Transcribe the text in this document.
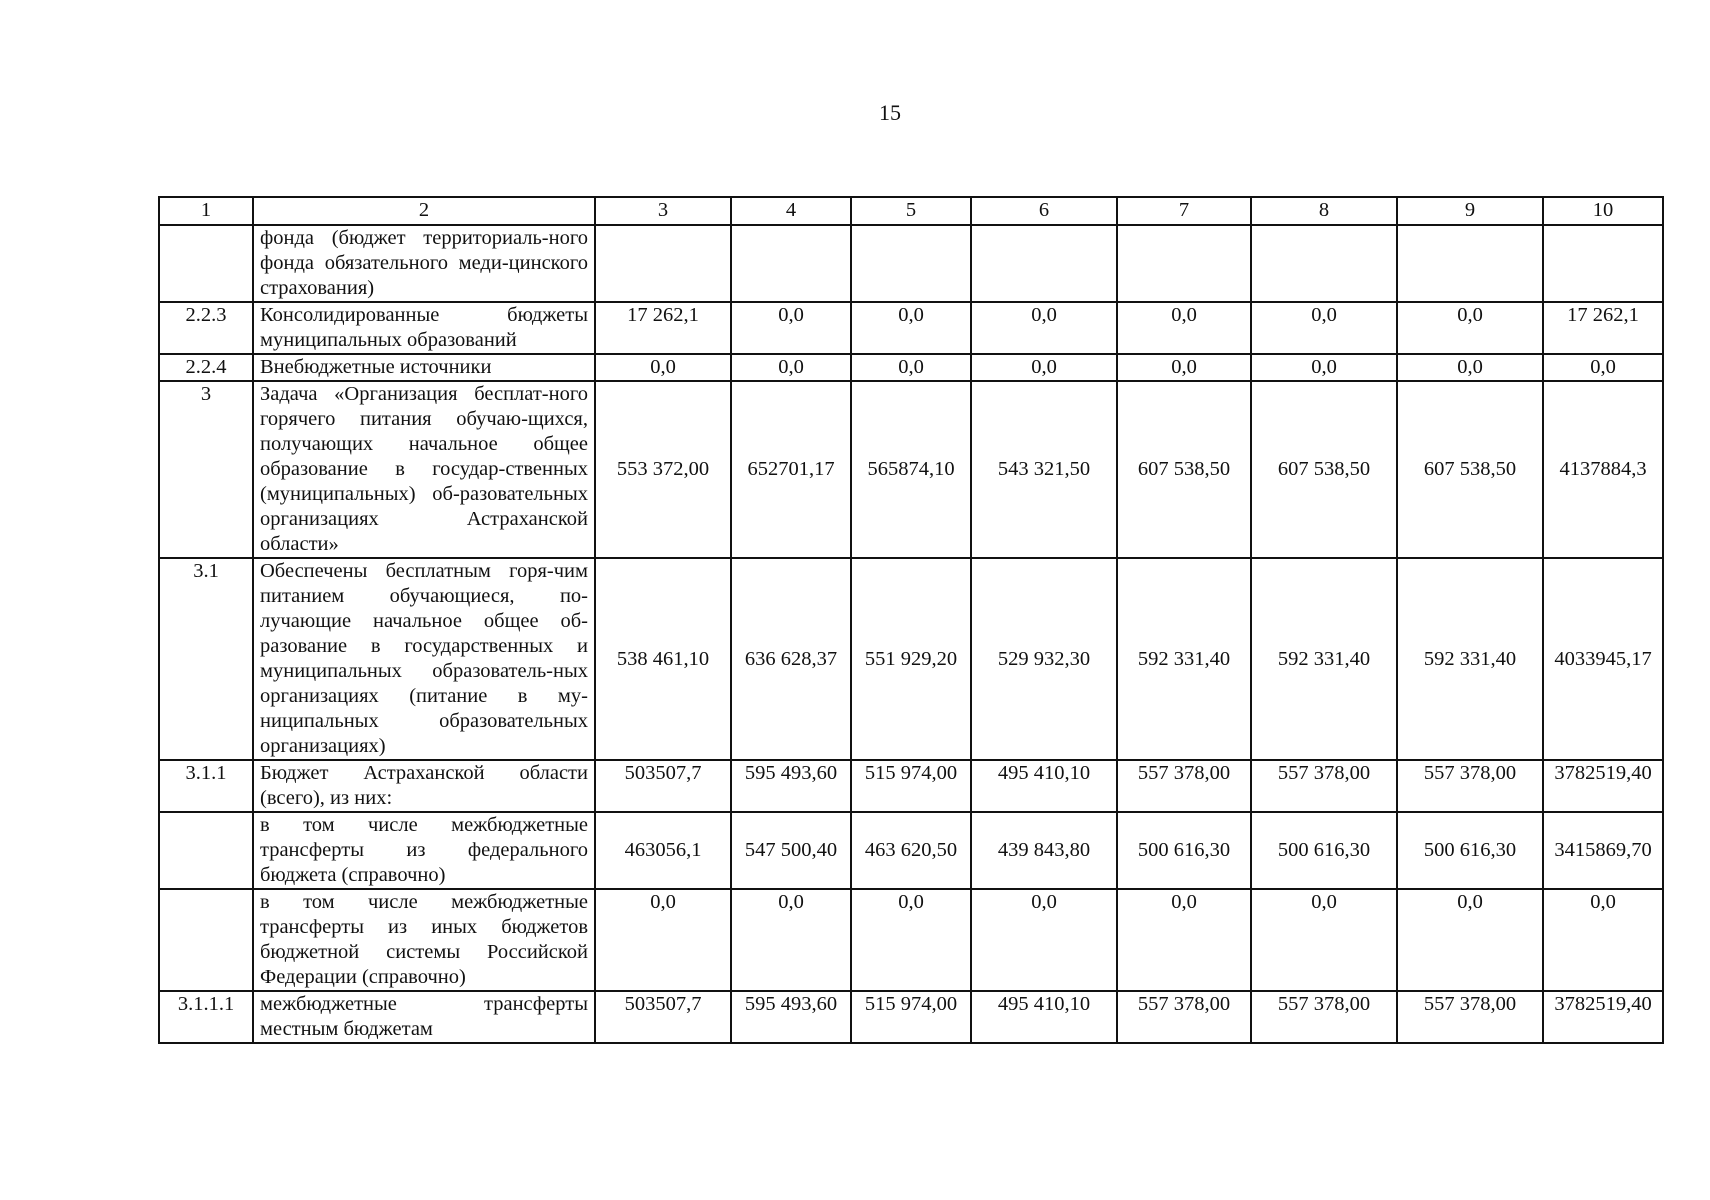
15
1	2	3	4	5	6	7	8	9	10
	фонда (бюджет территориаль-ного фонда обязательного меди-цинского страхования)								
2.2.3	Консолидированные бюджеты муниципальных образований	17 262,1	0,0	0,0	0,0	0,0	0,0	0,0	17 262,1
2.2.4	Внебюджетные источники	0,0	0,0	0,0	0,0	0,0	0,0	0,0	0,0
3	Задача «Организация бесплат-ного горячего питания обучаю-щихся, получающих начальное общее образование в государ-ственных (муниципальных) об-разовательных организациях Астраханской области»	553 372,00	652701,17	565874,10	543 321,50	607 538,50	607 538,50	607 538,50	4137884,3
3.1	Обеспечены бесплатным горя-чим питанием обучающиеся, по-лучающие начальное общее об-разование в государственных и муниципальных образователь-ных организациях (питание в му-ниципальных образовательных организациях)	538 461,10	636 628,37	551 929,20	529 932,30	592 331,40	592 331,40	592 331,40	4033945,17
3.1.1	Бюджет Астраханской области (всего), из них:	503507,7	595 493,60	515 974,00	495 410,10	557 378,00	557 378,00	557 378,00	3782519,40
	в том числе межбюджетные трансферты из федерального бюджета (справочно)	463056,1	547 500,40	463 620,50	439 843,80	500 616,30	500 616,30	500 616,30	3415869,70
	в том числе межбюджетные трансферты из иных бюджетов бюджетной системы Российской Федерации (справочно)	0,0	0,0	0,0	0,0	0,0	0,0	0,0	0,0
3.1.1.1	межбюджетные трансферты местным бюджетам	503507,7	595 493,60	515 974,00	495 410,10	557 378,00	557 378,00	557 378,00	3782519,40
